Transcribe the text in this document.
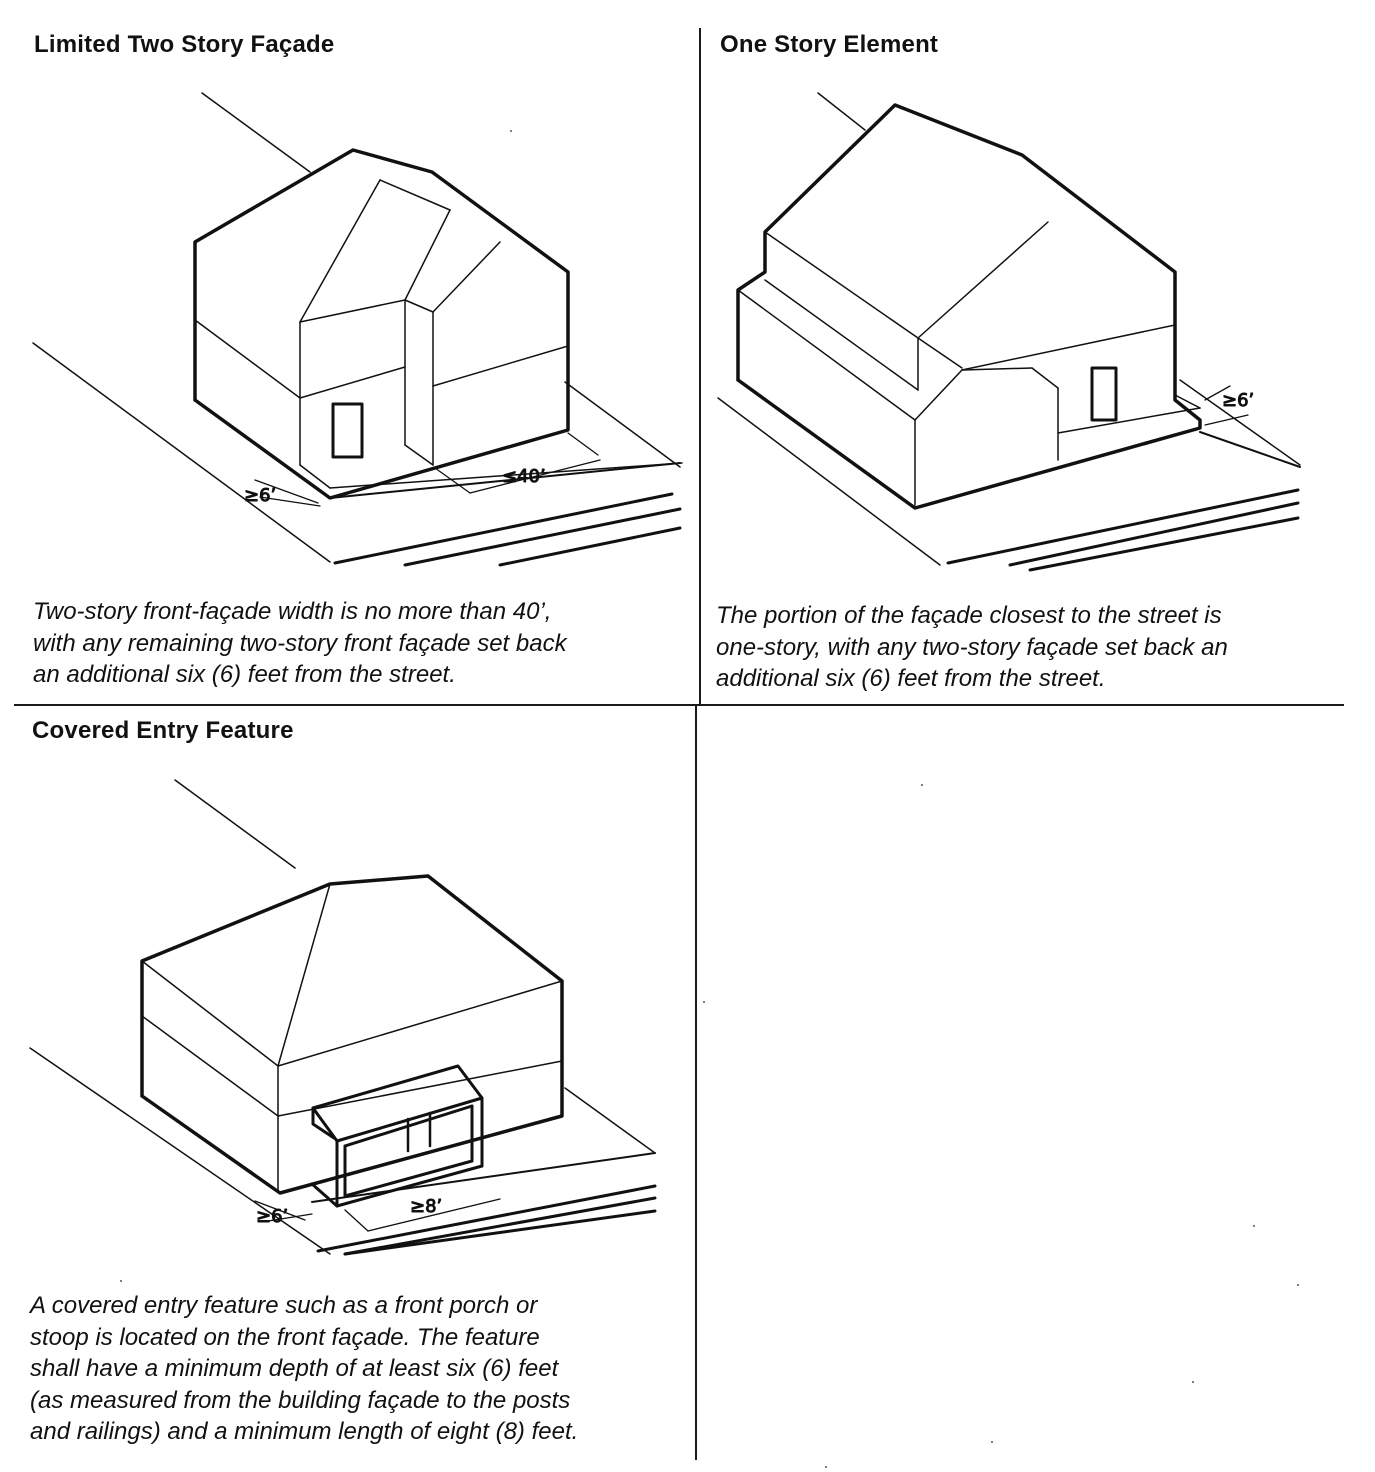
Limited Two Story Façade
≥6’
≤40’
Two-story front-façade width is no more than 40’,
with any remaining two-story front façade set back
an additional six (6) feet from the street.
One Story Element
≥6’
The portion of the façade closest to the street is
one-story, with any two-story façade set back an
additional six (6) feet from the street.
Covered Entry Feature
≥6’	≥8’
A covered entry feature such as a front porch or
stoop is located on the front façade. The feature
shall have a minimum depth of at least six (6) feet
(as measured from the building façade to the posts
and railings) and a minimum length of eight (8) feet.
